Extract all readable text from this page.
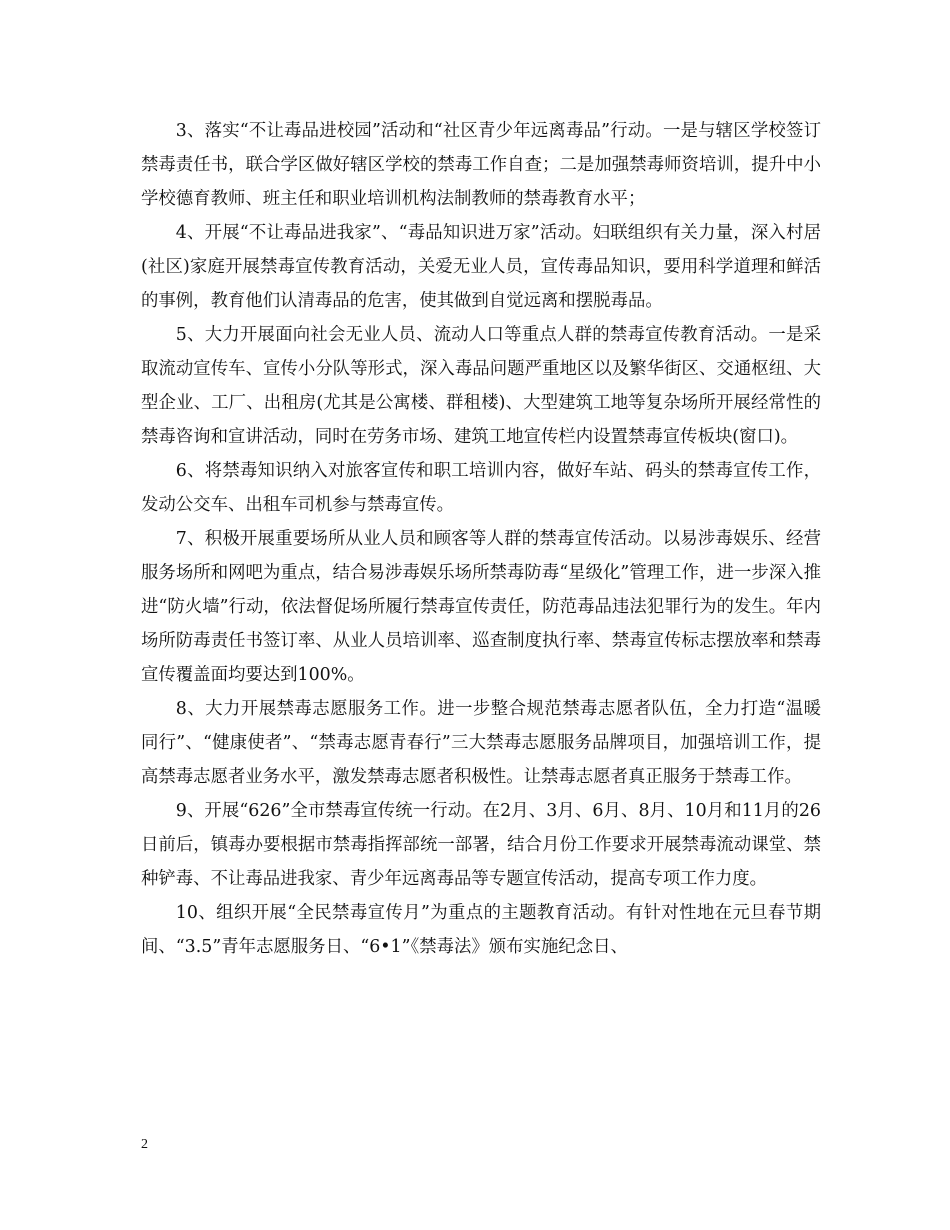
3、落实“不让毒品进校园”活动和“社区青少年远离毒品”行动。一是与辖区学校签订禁毒责任书，联合学区做好辖区学校的禁毒工作自查；二是加强禁毒师资培训，提升中小学校德育教师、班主任和职业培训机构法制教师的禁毒教育水平；

4、开展“不让毒品进我家”、“毒品知识进万家”活动。妇联组织有关力量，深入村居(社区)家庭开展禁毒宣传教育活动，关爱无业人员，宣传毒品知识，要用科学道理和鲜活的事例，教育他们认清毒品的危害，使其做到自觉远离和摆脱毒品。

5、大力开展面向社会无业人员、流动人口等重点人群的禁毒宣传教育活动。一是采取流动宣传车、宣传小分队等形式，深入毒品问题严重地区以及繁华街区、交通枢纽、大型企业、工厂、出租房(尤其是公寓楼、群租楼)、大型建筑工地等复杂场所开展经常性的禁毒咨询和宣讲活动，同时在劳务市场、建筑工地宣传栏内设置禁毒宣传板块(窗口)。

6、将禁毒知识纳入对旅客宣传和职工培训内容，做好车站、码头的禁毒宣传工作，发动公交车、出租车司机参与禁毒宣传。

7、积极开展重要场所从业人员和顾客等人群的禁毒宣传活动。以易涉毒娱乐、经营服务场所和网吧为重点，结合易涉毒娱乐场所禁毒防毒“星级化”管理工作，进一步深入推进“防火墙”行动，依法督促场所履行禁毒宣传责任，防范毒品违法犯罪行为的发生。年内场所防毒责任书签订率、从业人员培训率、巡查制度执行率、禁毒宣传标志摆放率和禁毒宣传覆盖面均要达到100%。

8、大力开展禁毒志愿服务工作。进一步整合规范禁毒志愿者队伍，全力打造“温暖同行”、“健康使者”、“禁毒志愿青春行”三大禁毒志愿服务品牌项目，加强培训工作，提高禁毒志愿者业务水平，激发禁毒志愿者积极性。让禁毒志愿者真正服务于禁毒工作。

9、开展“626”全市禁毒宣传统一行动。在2月、3月、6月、8月、10月和11月的26日前后，镇毒办要根据市禁毒指挥部统一部署，结合月份工作要求开展禁毒流动课堂、禁种铲毒、不让毒品进我家、青少年远离毒品等专题宣传活动，提高专项工作力度。

10、组织开展“全民禁毒宣传月”为重点的主题教育活动。有针对性地在元旦春节期间、“3.5”青年志愿服务日、“6•1”《禁毒法》颁布实施纪念日、

2
